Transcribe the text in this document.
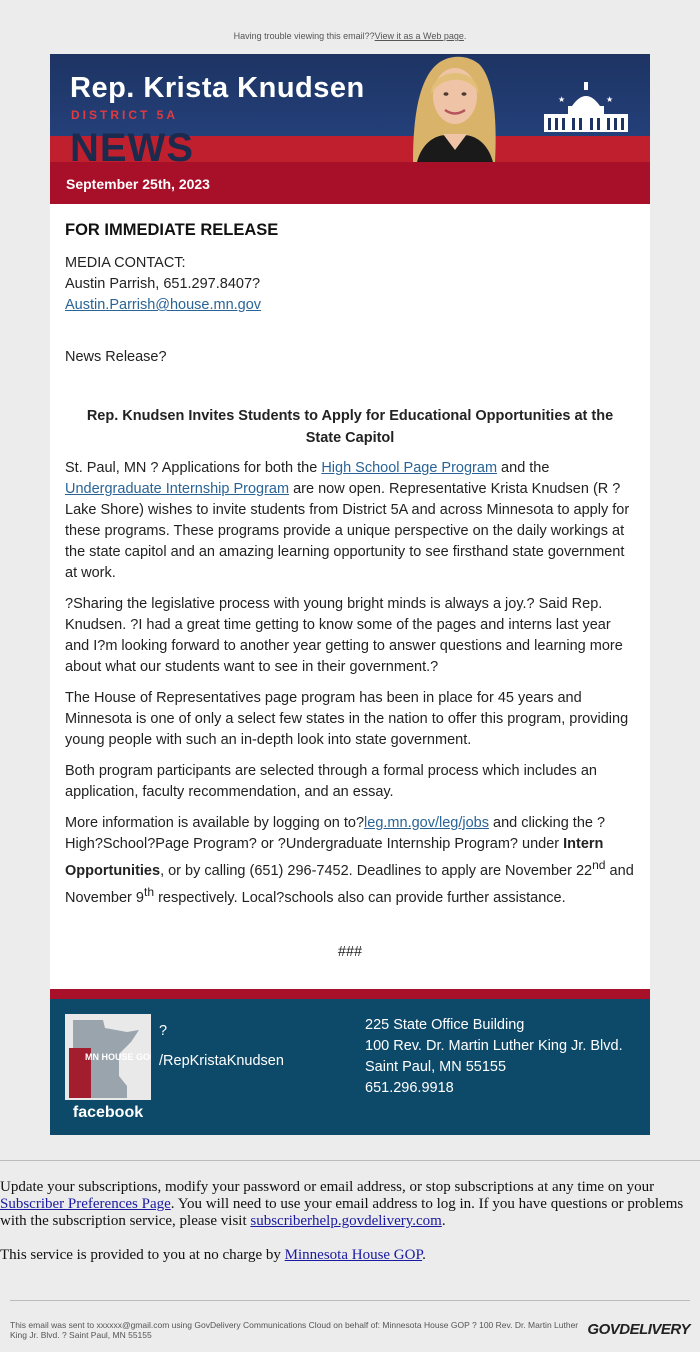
Having trouble viewing this email??View it as a Web page.
Rep. Krista Knudsen
DISTRICT 5A
NEWS
September 25th, 2023
★	★
FOR IMMEDIATE RELEASE
MEDIA CONTACT:
Austin Parrish, 651.297.8407?
Austin.Parrish@house.mn.gov
News Release?
Rep. Knudsen Invites Students to Apply for Educational Opportunities at the State Capitol

St. Paul, MN ? Applications for both the High School Page Program and the Undergraduate Internship Program are now open. Representative Krista Knudsen (R ? Lake Shore) wishes to invite students from District 5A and across Minnesota to apply for these programs. These programs provide a unique perspective on the daily workings at the state capitol and an amazing learning opportunity to see firsthand state government at work.

?Sharing the legislative process with young bright minds is always a joy.? Said Rep. Knudsen. ?I had a great time getting to know some of the pages and interns last year and I?m looking forward to another year getting to answer questions and learning more about what our students want to see in their government.?

The House of Representatives page program has been in place for 45 years and Minnesota is one of only a select few states in the nation to offer this program, providing young people with such an in-depth look into state government.

Both program participants are selected through a formal process which includes an application, faculty recommendation, and an essay.

More information is available by logging on to?leg.mn.gov/leg/jobs and clicking the ?High?School?Page Program? or ?Undergraduate Internship Program? under Intern Opportunities, or by calling (651) 296-7452. Deadlines to apply are November 22nd and November 9th respectively. Local?schools also can provide further assistance.

###
MN HOUSE GOP
facebook
?
/RepKristaKnudsen
225 State Office Building
100 Rev. Dr. Martin Luther King Jr. Blvd.
Saint Paul, MN 55155
651.296.9918

Update your subscriptions, modify your password or email address, or stop subscriptions at any time on your Subscriber Preferences Page. You will need to use your email address to log in. If you have questions or problems with the subscription service, please visit subscriberhelp.govdelivery.com.

This service is provided to you at no charge by Minnesota House GOP.

This email was sent to xxxxxx@gmail.com using GovDelivery Communications Cloud on behalf of: Minnesota House GOP ? 100 Rev. Dr. Martin Luther King Jr. Blvd. ? Saint Paul, MN 55155	GOVDELIVERY
